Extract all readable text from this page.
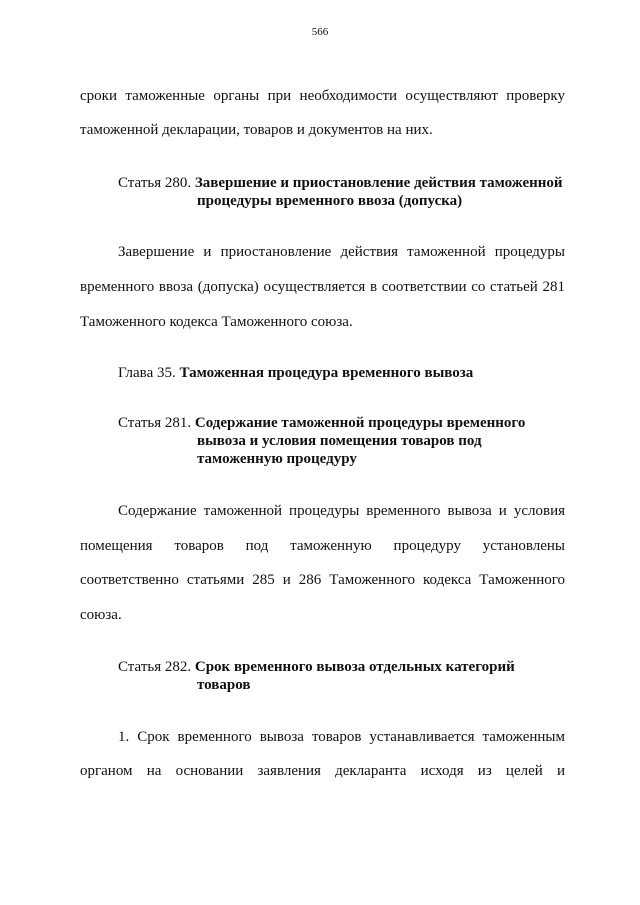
566
сроки таможенные органы при необходимости осуществляют проверку
таможенной декларации, товаров и документов на них.
Статья 280. Завершение и приостановление действия таможенной
процедуры временного ввоза (допуска)
Завершение и приостановление действия таможенной процедуры
временного ввоза (допуска) осуществляется в соответствии со статьей 281
Таможенного кодекса Таможенного союза.
Глава 35. Таможенная процедура временного вывоза
Статья 281. Содержание таможенной процедуры временного
вывоза и условия помещения товаров под
таможенную процедуру
Содержание таможенной процедуры временного вывоза и условия
помещения товаров под таможенную процедуру установлены
соответственно статьями 285 и 286 Таможенного кодекса Таможенного
союза.
Статья 282. Срок временного вывоза отдельных категорий
товаров
1. Срок временного вывоза товаров устанавливается таможенным
органом на основании заявления декларанта исходя из целей и
